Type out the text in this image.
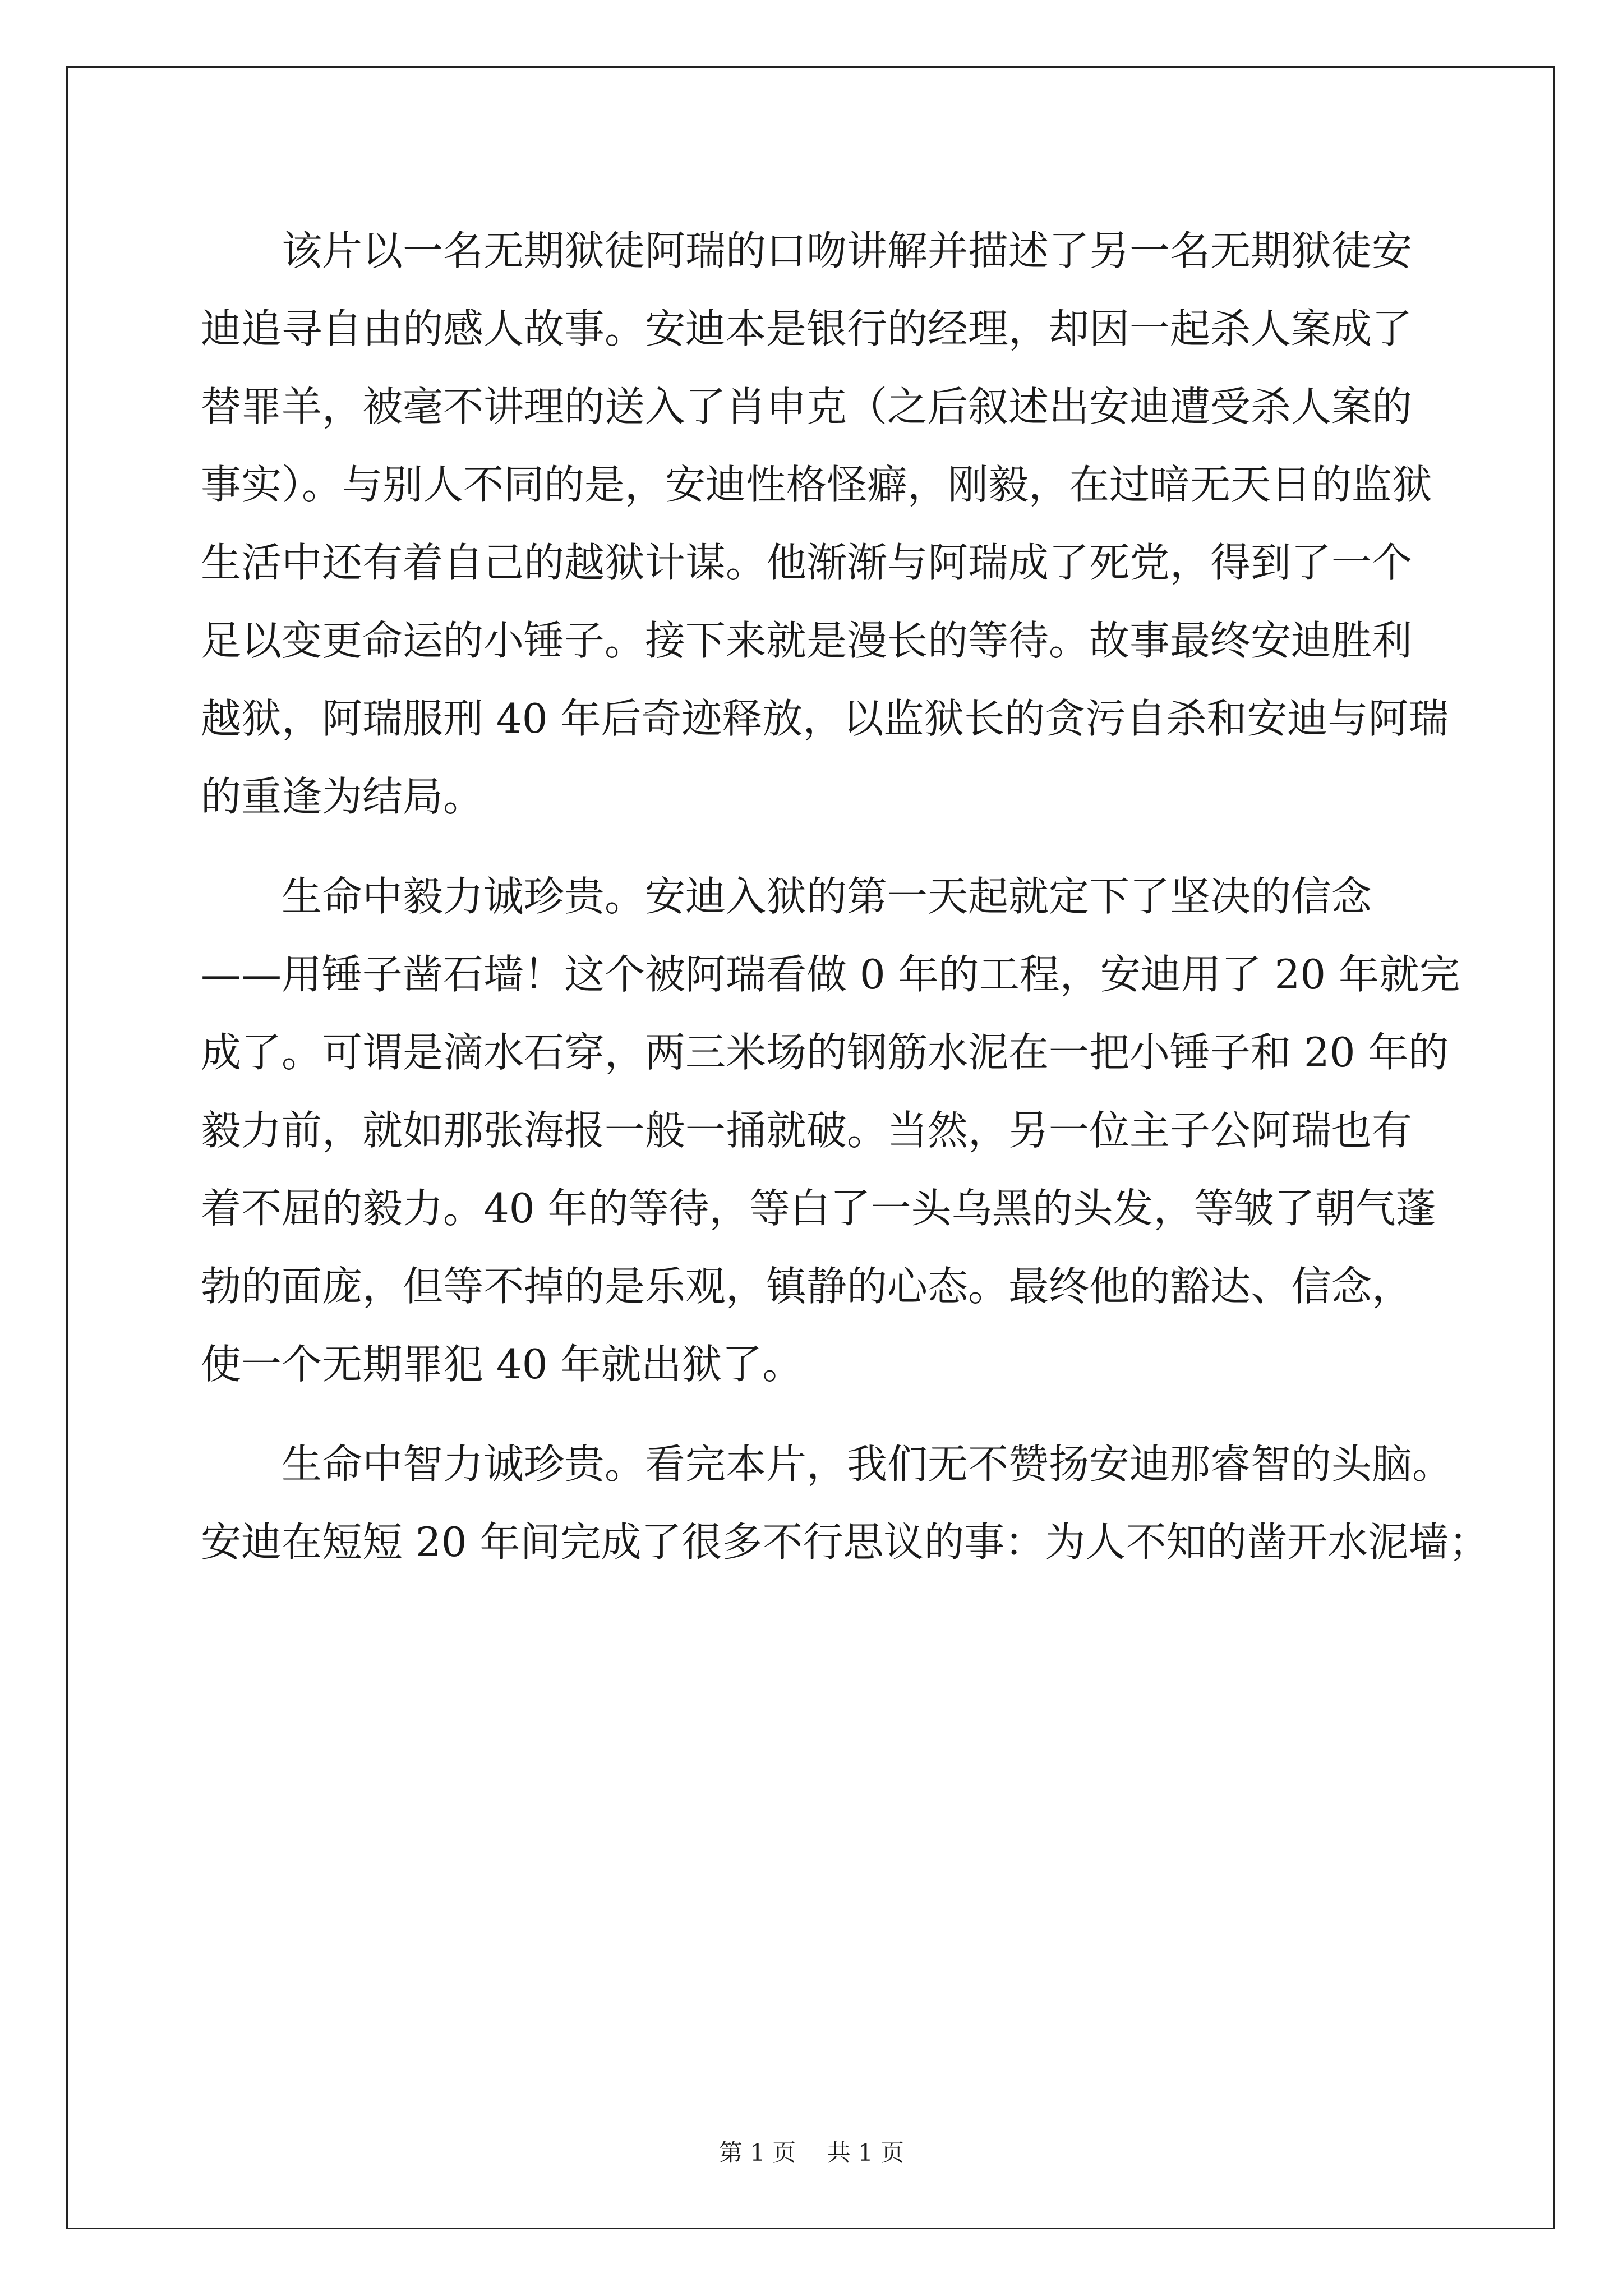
　　该片以一名无期狱徒阿瑞的口吻讲解并描述了另一名无期狱徒安
迪追寻自由的感人故事。安迪本是银行的经理，却因一起杀人案成了
替罪羊，被毫不讲理的送入了肖申克（之后叙述出安迪遭受杀人案的
事实）。与别人不同的是，安迪性格怪癖，刚毅，在过暗无天日的监狱
生活中还有着自己的越狱计谋。他渐渐与阿瑞成了死党，得到了一个
足以变更命运的小锤子。接下来就是漫长的等待。故事最终安迪胜利
越狱，阿瑞服刑 40 年后奇迹释放，以监狱长的贪污自杀和安迪与阿瑞
的重逢为结局。
　　生命中毅力诚珍贵。安迪入狱的第一天起就定下了坚决的信念
——用锤子凿石墙！这个被阿瑞看做 0 年的工程，安迪用了 20 年就完
成了。可谓是滴水石穿，两三米场的钢筋水泥在一把小锤子和 20 年的
毅力前，就如那张海报一般一捅就破。当然，另一位主子公阿瑞也有
着不屈的毅力。40 年的等待，等白了一头乌黑的头发，等皱了朝气蓬
勃的面庞，但等不掉的是乐观，镇静的心态。最终他的豁达、信念，
使一个无期罪犯 40 年就出狱了。
　　生命中智力诚珍贵。看完本片，我们无不赞扬安迪那睿智的头脑。
安迪在短短 20 年间完成了很多不行思议的事：为人不知的凿开水泥墙；
第 1 页　 共 1 页
